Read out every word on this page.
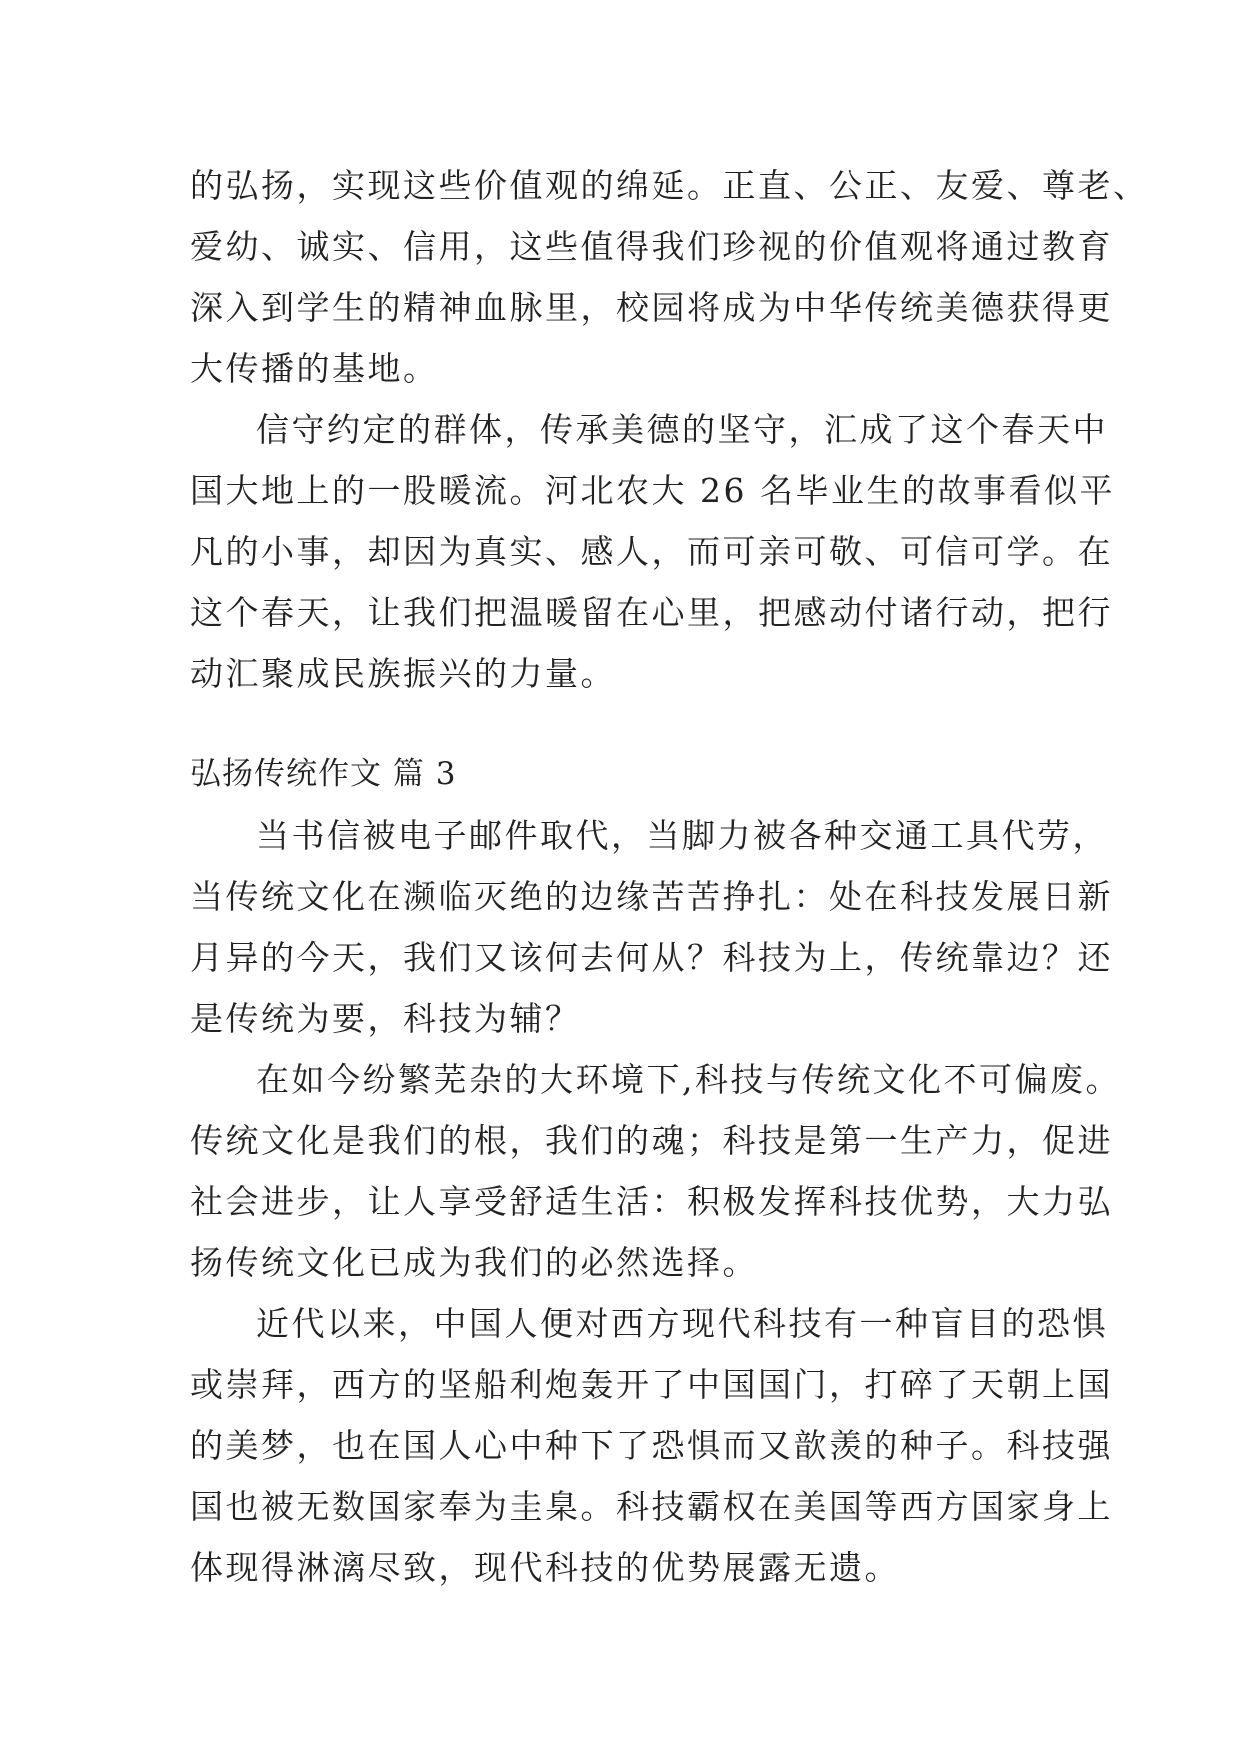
的弘扬，实现这些价值观的绵延。正直、公正、友爱、尊老、
爱幼、诚实、信用，这些值得我们珍视的价值观将通过教育
深入到学生的精神血脉里，校园将成为中华传统美德获得更
大传播的基地。
信守约定的群体，传承美德的坚守，汇成了这个春天中
国大地上的一股暖流。河北农大 26 名毕业生的故事看似平
凡的小事，却因为真实、感人，而可亲可敬、可信可学。在
这个春天，让我们把温暖留在心里，把感动付诸行动，把行
动汇聚成民族振兴的力量。
弘扬传统作文 篇 3
当书信被电子邮件取代，当脚力被各种交通工具代劳，
当传统文化在濒临灭绝的边缘苦苦挣扎：处在科技发展日新
月异的今天，我们又该何去何从？科技为上，传统靠边？还
是传统为要，科技为辅？
在如今纷繁芜杂的大环境下,科技与传统文化不可偏废。
传统文化是我们的根，我们的魂；科技是第一生产力，促进
社会进步，让人享受舒适生活：积极发挥科技优势，大力弘
扬传统文化已成为我们的必然选择。
近代以来，中国人便对西方现代科技有一种盲目的恐惧
或崇拜，西方的坚船利炮轰开了中国国门，打碎了天朝上国
的美梦，也在国人心中种下了恐惧而又歆羡的种子。科技强
国也被无数国家奉为圭臬。科技霸权在美国等西方国家身上
体现得淋漓尽致，现代科技的优势展露无遗。
